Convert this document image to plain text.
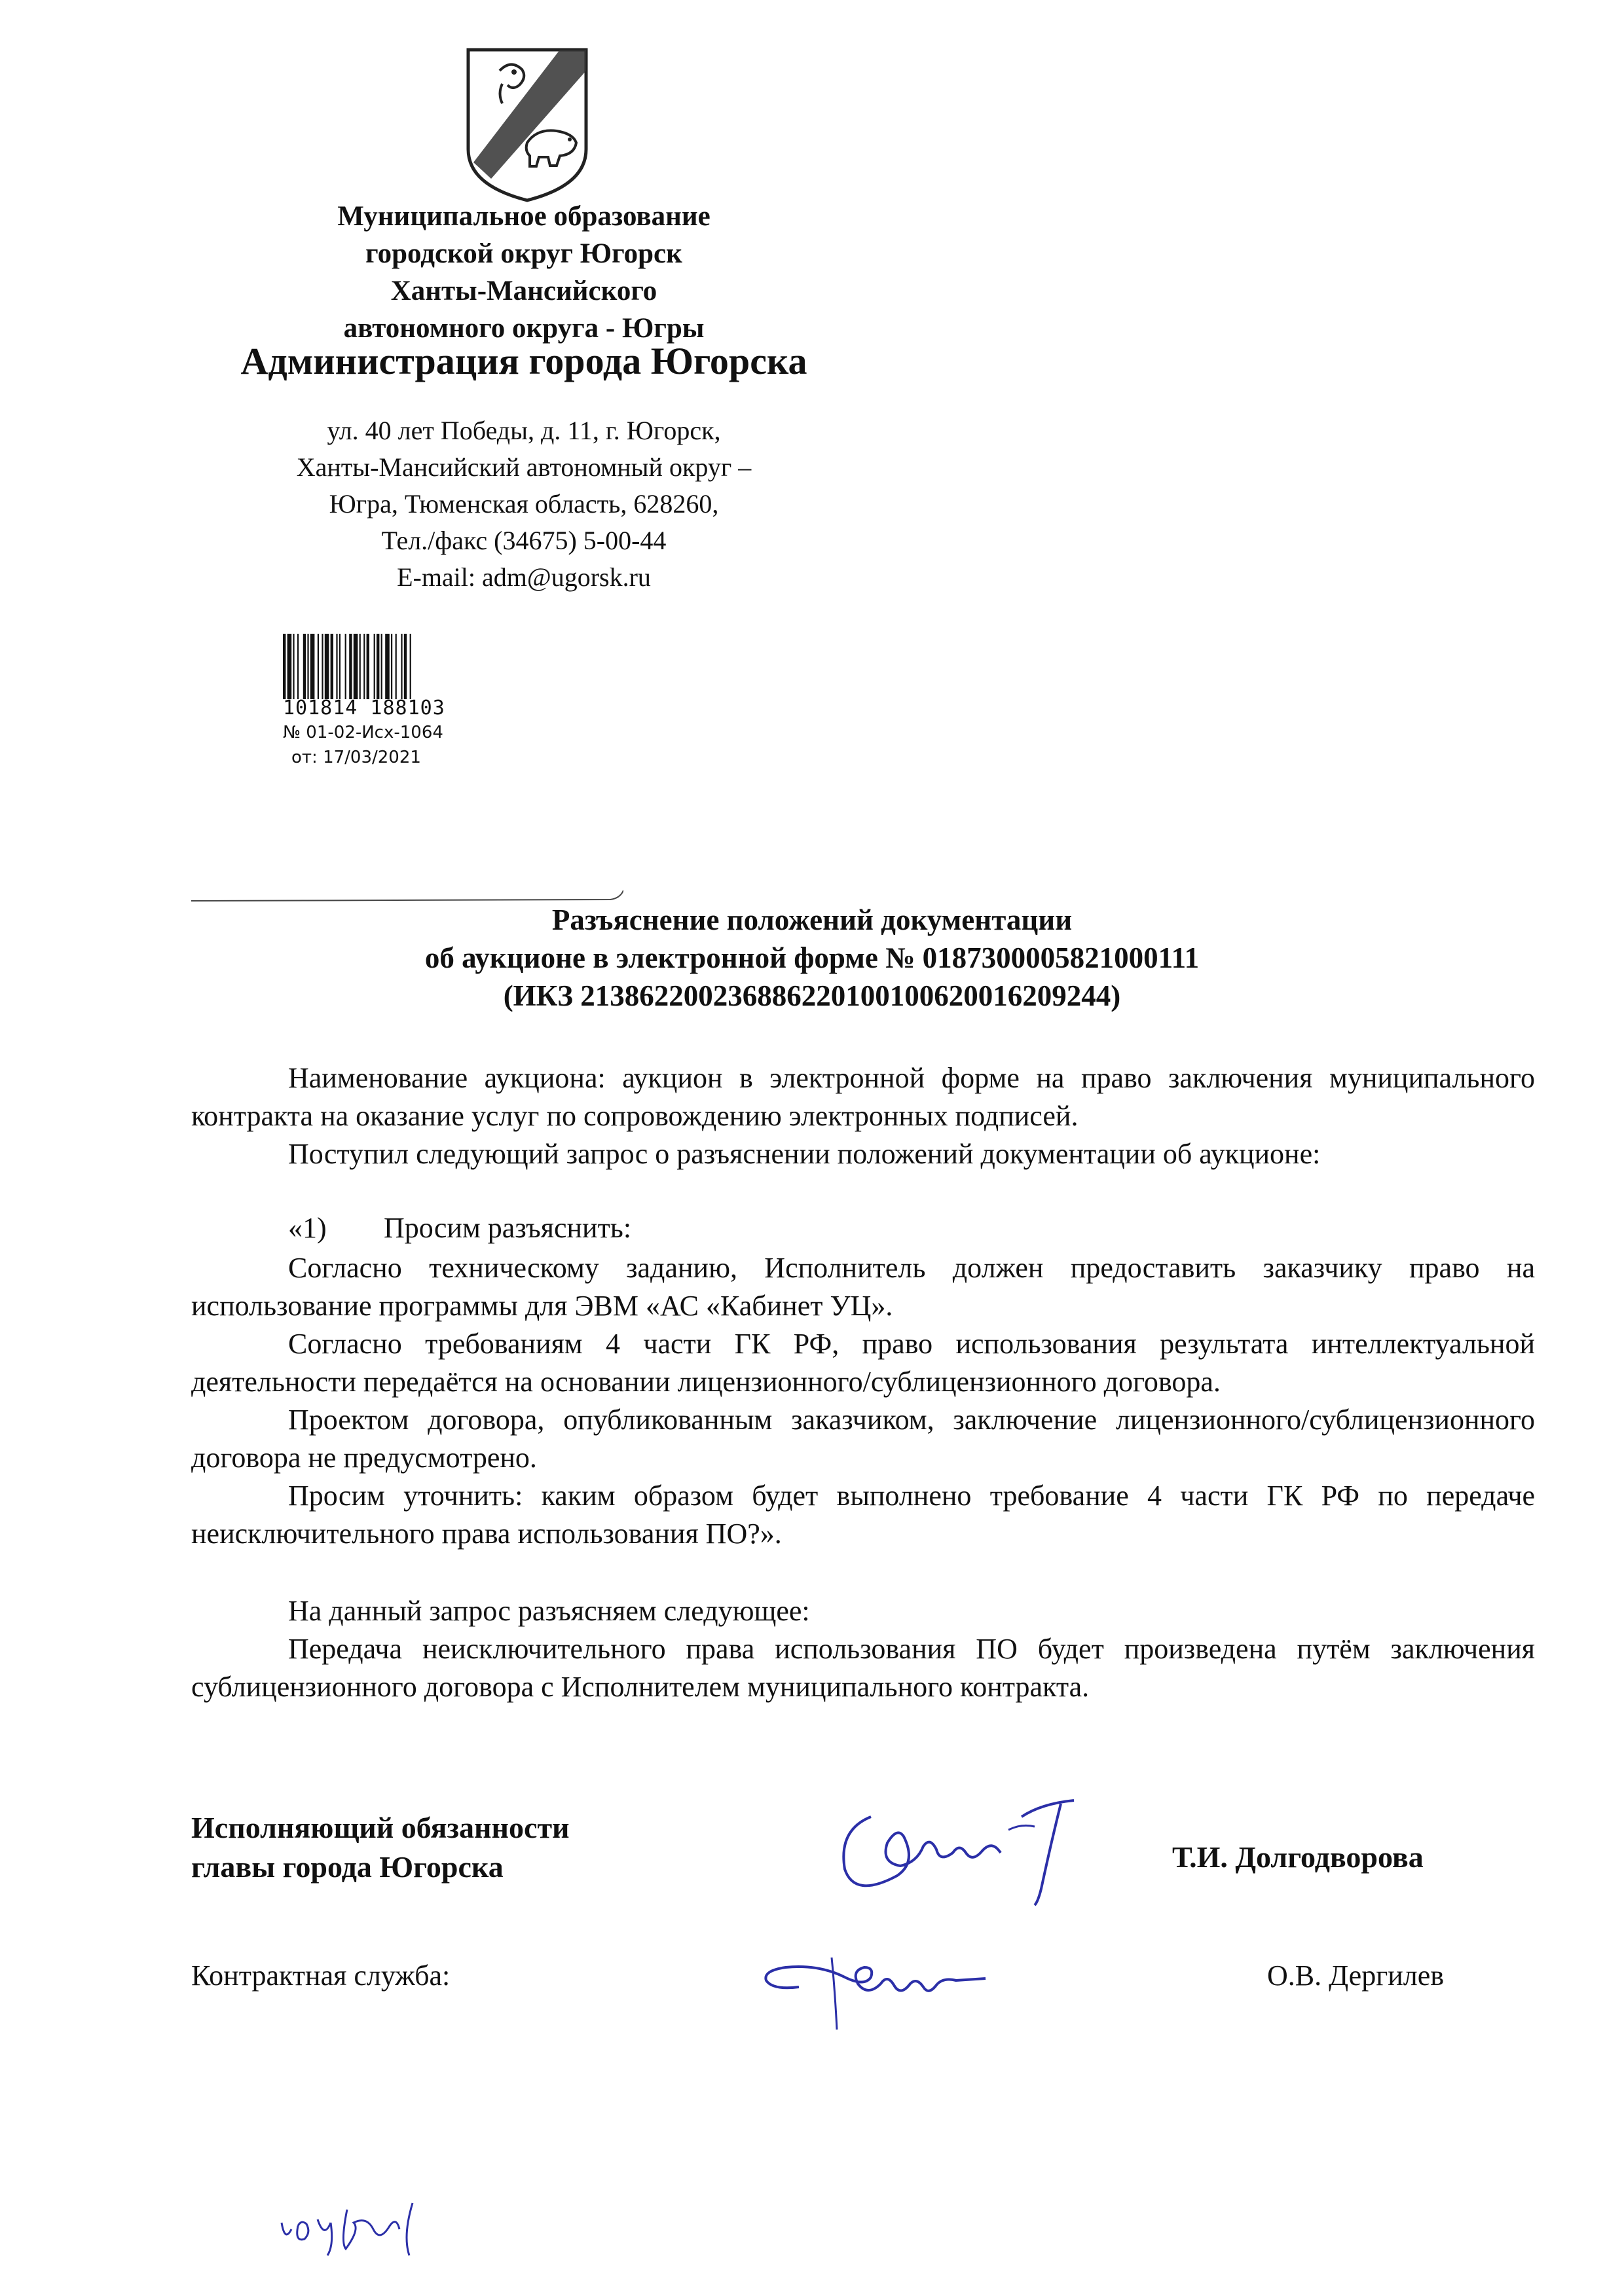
Муниципальное образование
городской округ Югорск
Ханты-Мансийского
автономного округа - Югры
Администрация города Югорска
ул. 40 лет Победы, д. 11, г. Югорск,
Ханты-Мансийский автономный округ –
Югра, Тюменская область, 628260,
Тел./факс (34675) 5-00-44
E-mail: adm@ugorsk.ru
101814 188103
№ 01-02-Исх-1064
от: 17/03/2021
Разъяснение положений документации
об аукционе в электронной форме № 0187300005821000111
(ИКЗ 213862200236886220100100620016209244)
Наименование аукциона: аукцион в электронной форме на право заключения муниципального контракта на оказание услуг по сопровождению электронных подписей.
Поступил следующий запрос о разъяснении положений документации об аукционе:
«1) Просим разъяснить:
Согласно техническому заданию, Исполнитель должен предоставить заказчику право на использование программы для ЭВМ «АС «Кабинет УЦ».
Согласно требованиям 4 части ГК РФ, право использования результата интеллектуальной деятельности передаётся на основании лицензионного/сублицензионного договора.
Проектом договора, опубликованным заказчиком, заключение лицензионного/сублицензионного договора не предусмотрено.
Просим уточнить: каким образом будет выполнено требование 4 части ГК РФ по передаче неисключительного права использования ПО?».
На данный запрос разъясняем следующее:
Передача неисключительного права использования ПО будет произведена путём заключения сублицензионного договора с Исполнителем муниципального контракта.
Исполняющий обязанности
главы города Югорска	Т.И. Долгодворова
Контрактная служба:	О.В. Дергилев
